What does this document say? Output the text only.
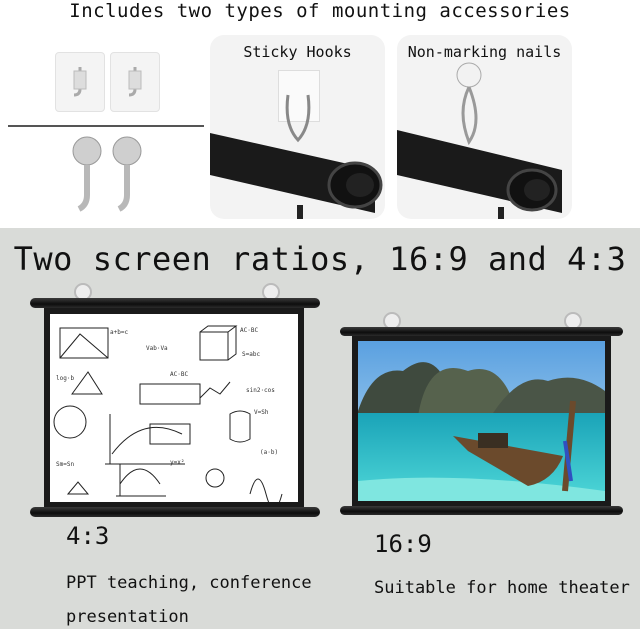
Includes two types of mounting accessories
Sticky Hooks	Non-marking nails
Two screen ratios, 16:9 and 4:3
a+b=c
Vab·Va
AC·BC
S=abc
log·b
AC·BC
sin2·cos
V=Sh
Sm=Sn
(a·b)
y=x²
4:3
PPT teaching, conference
presentation
16:9
Suitable for home theater
